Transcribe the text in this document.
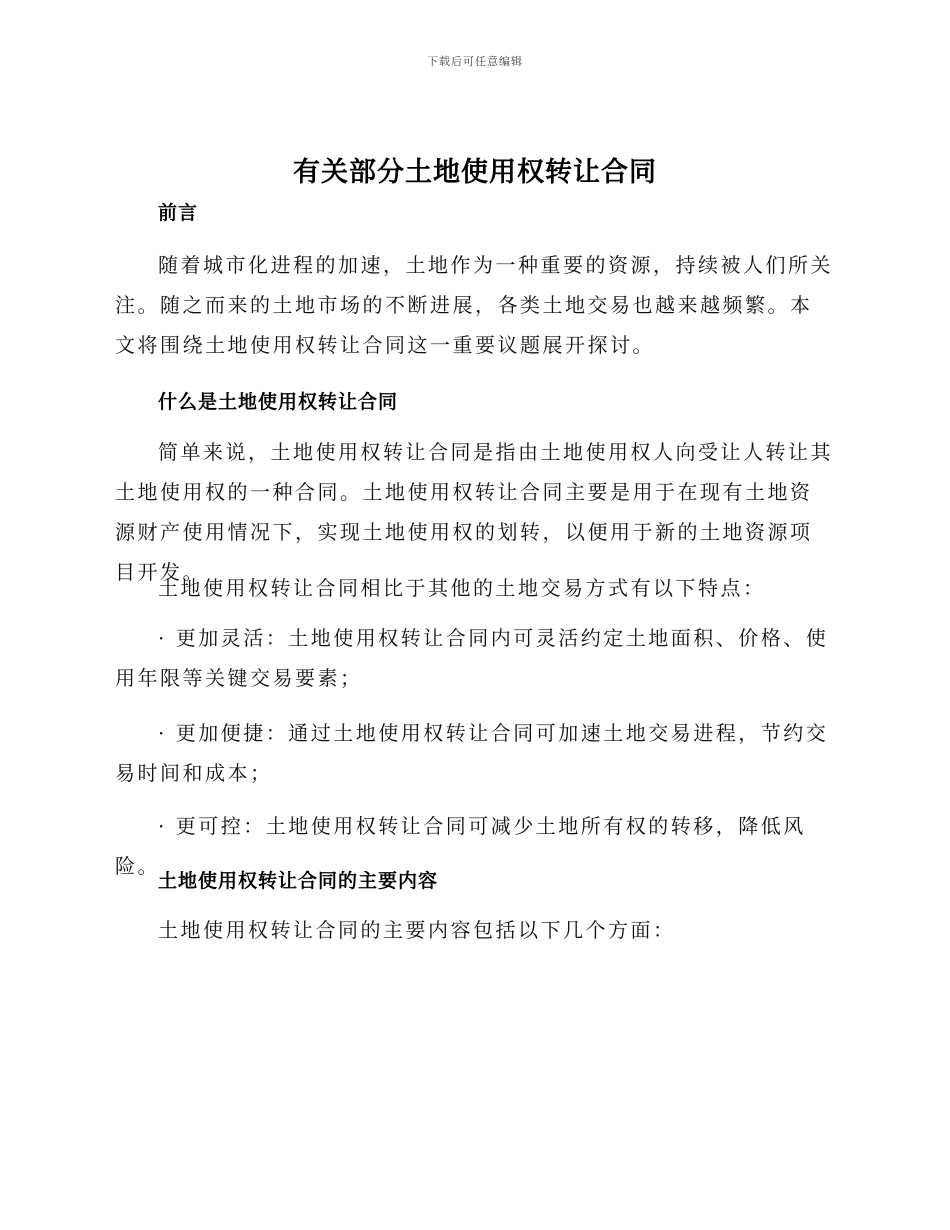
下载后可任意编辑
有关部分土地使用权转让合同
前言
随着城市化进程的加速，土地作为一种重要的资源，持续被人们所关注。随之而来的土地市场的不断进展，各类土地交易也越来越频繁。本文将围绕土地使用权转让合同这一重要议题展开探讨。
什么是土地使用权转让合同
简单来说，土地使用权转让合同是指由土地使用权人向受让人转让其土地使用权的一种合同。土地使用权转让合同主要是用于在现有土地资源财产使用情况下，实现土地使用权的划转，以便用于新的土地资源项目开发。
土地使用权转让合同相比于其他的土地交易方式有以下特点：
· 更加灵活：土地使用权转让合同内可灵活约定土地面积、价格、使用年限等关键交易要素；
· 更加便捷：通过土地使用权转让合同可加速土地交易进程，节约交易时间和成本；
· 更可控：土地使用权转让合同可减少土地所有权的转移，降低风险。
土地使用权转让合同的主要内容
土地使用权转让合同的主要内容包括以下几个方面：
